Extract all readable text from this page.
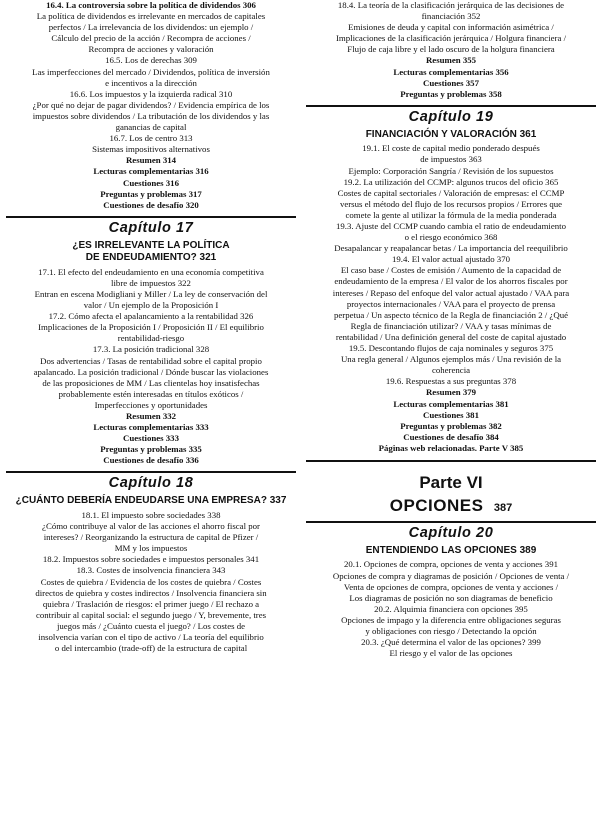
16.4. La controversia sobre la política de dividendos 306
La política de dividendos es irrelevante en mercados de capitales
perfectos / La irrelevancia de los dividendos: un ejemplo /
Cálculo del precio de la acción / Recompra de acciones /
Recompra de acciones y valoración
16.5. Los de derechas 309
Las imperfecciones del mercado / Dividendos, política de inversión
e incentivos a la dirección
16.6. Los impuestos y la izquierda radical 310
¿Por qué no dejar de pagar dividendos? / Evidencia empírica de los
impuestos sobre dividendos / La tributación de los dividendos y las
ganancias de capital
16.7. Los de centro 313
Sistemas impositivos alternativos
Resumen 314
Lecturas complementarias 316
Cuestiones 316
Preguntas y problemas 317
Cuestiones de desafío 320
Capítulo 17
¿ES IRRELEVANTE LA POLÍTICA
DE ENDEUDAMIENTO? 321
17.1. El efecto del endeudamiento en una economía competitiva
libre de impuestos 322
Entran en escena Modigliani y Miller / La ley de conservación del
valor / Un ejemplo de la Proposición I
17.2. Cómo afecta el apalancamiento a la rentabilidad 326
Implicaciones de la Proposición I / Proposición II / El equilibrio
rentabilidad-riesgo
17.3. La posición tradicional 328
Dos advertencias / Tasas de rentabilidad sobre el capital propio
apalancado. La posición tradicional / Dónde buscar las violaciones
de las proposiciones de MM / Las clientelas hoy insatisfechas
probablemente estén interesadas en títulos exóticos /
Imperfecciones y oportunidades
Resumen 332
Lecturas complementarias 333
Cuestiones 333
Preguntas y problemas 335
Cuestiones de desafío 336
Capítulo 18
¿CUÁNTO DEBERÍA ENDEUDARSE UNA EMPRESA? 337
18.1. El impuesto sobre sociedades 338
¿Cómo contribuye al valor de las acciones el ahorro fiscal por
intereses? / Reorganizando la estructura de capital de Pfizer /
MM y los impuestos
18.2. Impuestos sobre sociedades e impuestos personales 341
18.3. Costes de insolvencia financiera 343
Costes de quiebra / Evidencia de los costes de quiebra / Costes
directos de quiebra y costes indirectos / Insolvencia financiera sin
quiebra / Traslación de riesgos: el primer juego / El rechazo a
contribuir al capital social: el segundo juego / Y, brevemente, tres
juegos más / ¿Cuánto cuesta el juego? / Los costes de
insolvencia varían con el tipo de activo / La teoría del equilibrio
o del intercambio (trade-off) de la estructura de capital
18.4. La teoría de la clasificación jerárquica de las decisiones de
financiación 352
Emisiones de deuda y capital con información asimétrica /
Implicaciones de la clasificación jerárquica / Holgura financiera /
Flujo de caja libre y el lado oscuro de la holgura financiera
Resumen 355
Lecturas complementarias 356
Cuestiones 357
Preguntas y problemas 358
Capítulo 19
FINANCIACIÓN Y VALORACIÓN 361
19.1. El coste de capital medio ponderado después
de impuestos 363
Ejemplo: Corporación Sangría / Revisión de los supuestos
19.2. La utilización del CCMP: algunos trucos del oficio 365
Costes de capital sectoriales / Valoración de empresas: el CCMP
versus el método del flujo de los recursos propios / Errores que
comete la gente al utilizar la fórmula de la media ponderada
19.3. Ajuste del CCMP cuando cambia el ratio de endeudamiento
o el riesgo económico 368
Desapalancar y reapalancar betas / La importancia del reequilibrio
19.4. El valor actual ajustado 370
El caso base / Costes de emisión / Aumento de la capacidad de
endeudamiento de la empresa / El valor de los ahorros fiscales por
intereses / Repaso del enfoque del valor actual ajustado / VAA para
proyectos internacionales / VAA para el proyecto de prensa
perpetua / Un aspecto técnico de la Regla de financiación 2 / ¿Qué
Regla de financiación utilizar? / VAA y tasas mínimas de
rentabilidad / Una definición general del coste de capital ajustado
19.5. Descontando flujos de caja nominales y seguros 375
Una regla general / Algunos ejemplos más / Una revisión de la
coherencia
19.6. Respuestas a sus preguntas 378
Resumen 379
Lecturas complementarias 381
Cuestiones 381
Preguntas y problemas 382
Cuestiones de desafío 384
Páginas web relacionadas. Parte V 385
Parte VI
OPCIONES 387
Capítulo 20
ENTENDIENDO LAS OPCIONES 389
20.1. Opciones de compra, opciones de venta y acciones 391
Opciones de compra y diagramas de posición / Opciones de venta /
Venta de opciones de compra, opciones de venta y acciones /
Los diagramas de posición no son diagramas de beneficio
20.2. Alquimia financiera con opciones 395
Opciones de impago y la diferencia entre obligaciones seguras
y obligaciones con riesgo / Detectando la opción
20.3. ¿Qué determina el valor de las opciones? 399
El riesgo y el valor de las opciones
